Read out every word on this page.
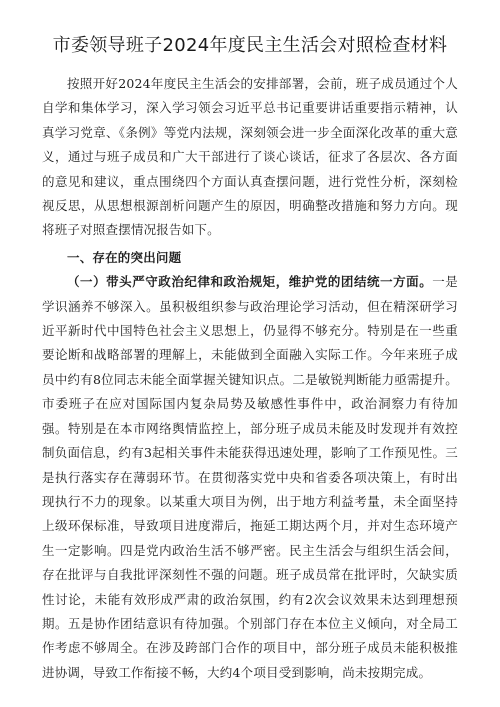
市委领导班子2024年度民主生活会对照检查材料

按照开好2024年度民主生活会的安排部署，会前，班子成员通过个人自学和集体学习，深入学习领会习近平总书记重要讲话重要指示精神，认真学习党章、《条例》等党内法规，深刻领会进一步全面深化改革的重大意义，通过与班子成员和广大干部进行了谈心谈话，征求了各层次、各方面的意见和建议，重点围绕四个方面认真查摆问题，进行党性分析，深刻检视反思，从思想根源剖析问题产生的原因，明确整改措施和努力方向。现将班子对照查摆情况报告如下。

一、存在的突出问题

（一）带头严守政治纪律和政治规矩，维护党的团结统一方面。一是学识涵养不够深入。虽积极组织参与政治理论学习活动，但在精深研学习近平新时代中国特色社会主义思想上，仍显得不够充分。特别是在一些重要论断和战略部署的理解上，未能做到全面融入实际工作。今年来班子成员中约有8位同志未能全面掌握关键知识点。二是敏锐判断能力亟需提升。市委班子在应对国际国内复杂局势及敏感性事件中，政治洞察力有待加强。特别是在本市网络舆情监控上，部分班子成员未能及时发现并有效控制负面信息，约有3起相关事件未能获得迅速处理，影响了工作预见性。三是执行落实存在薄弱环节。在贯彻落实党中央和省委各项决策上，有时出现执行不力的现象。以某重大项目为例，出于地方利益考量，未全面坚持上级环保标准，导致项目进度滞后，拖延工期达两个月，并对生态环境产生一定影响。四是党内政治生活不够严密。民主生活会与组织生活会间，存在批评与自我批评深刻性不强的问题。班子成员常在批评时，欠缺实质性讨论，未能有效形成严肃的政治氛围，约有2次会议效果未达到理想预期。五是协作团结意识有待加强。个别部门存在本位主义倾向，对全局工作考虑不够周全。在涉及跨部门合作的项目中，部分班子成员未能积极推进协调，导致工作衔接不畅，大约4个项目受到影响，尚未按期完成。
